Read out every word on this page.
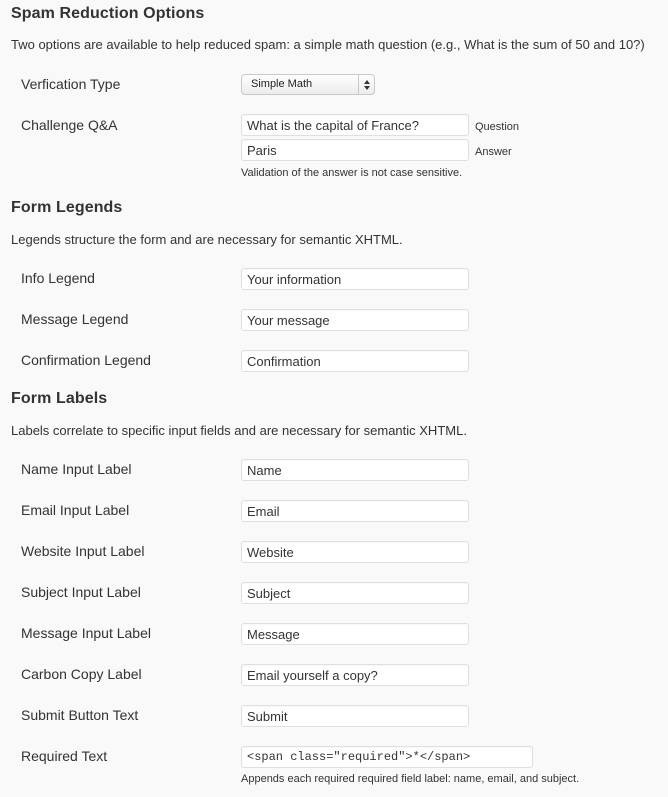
Spam Reduction Options

Two options are available to help reduced spam: a simple math question (e.g., What is the sum of 50 and 10?)

Verfication Type	Simple Math
Challenge Q&A
What is the capital of France?	Question
Paris
Answer
Validation of the answer is not case sensitive.
Form Legends

Legends structure the form and are necessary for semantic XHTML.

Info Legend
Your information
Message Legend
Your message
Confirmation Legend
Confirmation
Form Labels

Labels correlate to specific input fields and are necessary for semantic XHTML.

Name Input Label
Name
Email Input Label
Email
Website Input Label
Website
Subject Input Label
Subject
Message Input Label
Message
Carbon Copy Label
Email yourself a copy?
Submit Button Text
Submit
Required Text
<span class="required">*</span>
Appends each required required field label: name, email, and subject.
